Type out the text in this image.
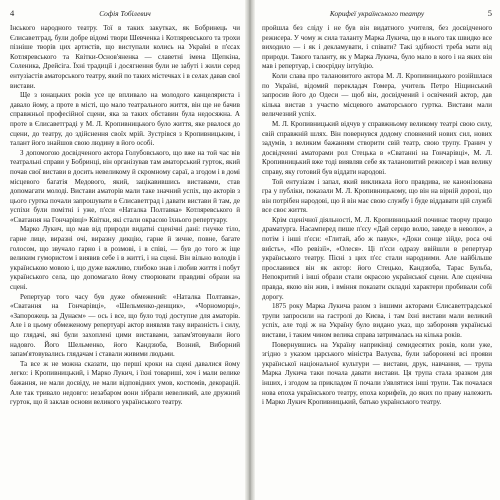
4	Софія Тобілевич

Інського народного театру. Тої в таких закутках, як Бобринець чи Єлисаветград, були добре відомі твори Шевченка і Котляревського та трохи пізніше творів цих артистів, що виступали колись на Україні в п'єсах Котляревського та Квітки-Основ'яненка — славетні імена Щепкіна, Соленика, Дрейсіга. Їхні традиції і досягнення були не забуті і жили серед ентузіастів аматорського театру, який по таких містечках і в селах давав свої вистави.

Ще з юнацьких років усе це впливало на молодого канцеляриста і давало йому, а проте в місті, що мало театрального життя, він ще не бачив справжньої професійної сцени, яка за таких обставин була недосяжна. А проте в Єлисаветграді у М. Л. Кропивницького було життя, яке рвалося до сцени, до театру, до здійснення своїх мрій. Зустрівся з Кропивницьким, і талант його знайшов свою людину в його особі.

З допомогою досвідченого актора Голубовського, що вже на той час вів театральні справи у Бобринці, він організував там аматорський гурток, який почав свої вистави в досить невеликому й скромному сараї, а згодом і в домі місцевого багатія Медового, який, зацікавившись виставами, став допомагати молоді. Вистави аматорів мали таке значний успіх, що акторів з цього гуртка почали запрошувати в Єлисаветград і давати вистави й там, де успіхи були помітні і уже, п'єси «Наталка Полтавка» Котляревського й «Сватання на Гончарівці» Квітки, які стали окрасою їхнього репертуару.

Марко Лукич, що мав від природи видатні сценічні дані: гнучке тіло, гарне лице, виразні очі, виразну дикцію, гарне й зичне, повне, багате голосом, що звучало гарно і в розмові, і в співі, — був до того ж іще великим гумористом і виявив себе і в житті, і на сцені. Він вільно володів і українською мовою і, що дуже важливо, глибоко знав і любив життя і побут українського села, що допомагало йому створювати правдиві образи на сцені.

Репертуар того часу був дуже обмежений: «Наталка Полтавка», «Сватання на Гончарівці», «Шельменко-денщик», «Чорноморці», «Запорожець за Дунаєм» — ось і все, що було тоді доступне для аматорів. Але і в цьому обмеженому репертуарі актор виявляв таку виразність і силу, що глядачі, які були захоплені цими виставами, запам'ятовували його надовго. Його Шельменко, його Кандзюба, Возний, Виборний запам'ятовувались глядачам і ставали живими людьми.

Та все ж не можна сказати, що перші кроки на сцені давалися йому легко: і Кропивницький, і Марко Лукич, і їхні товариші, хоч і мали велике бажання, не мали досвіду, не мали відповідних умов, костюмів, декорацій. Але так тривало недовго: незабаром вони зібрали невеликий, але дружний гурток, що й заклав основи великого українського театру.

Корифеї українського театру	5

пройшла без сліду і не був він видатного учителя, без досвідченого режисера. У чому ж сила таланту Марка Лукича, що в нього так швидко все виходило — і як і декламувати, і співати? Такі здібності треба мати від природи. Такого таланту, як у Марка Лукича, було мало в кого і на яких він мав і репертуар, і своєрідну інтуїцію.

Коли слава про талановитого актора М. Л. Кропивницького розійшлася по Україні, відомий перекладач Гомера, учитель Петро Ніщинський запросив його до Одеси — щоб він, досвідчений і освічений актор, дав кілька вистав з участю місцевого аматорського гуртка. Вистави мали величезний успіх.

М. Л. Кропивницький відчув у справжньому великому театрі свою силу, свій справжній шлях. Він повернувся додому сповнений нових сил, нових задумів, з великим бажанням створити свій театр, свою трупу. Гранич у досвідченні аматорами рол Стецька в «Сватанні на Гончарівці», М. Л. Кропивницький вже тоді виявляв себе як талановитий режисер і мав велику справу, яку готовий був віддати народові.

Той ентузіазм і запал, який викликала його правдива, не канонізована гра у публіки, показали М. Л. Кропивницькому, що він на вірній дорозі, що він потрібен народові, що й він має свою службу і буде віддавати цій службі все своє життя.

Крім сценічної діяльності, М. Л. Кропивницький починає творчу працю драматурга. Насамперед пише п'єсу «Дай серцю волю, заведе в неволю», а потім і інші п'єси: «Глитай, або ж павук», «Доки сонце зійде, роса очі виїсть», «По ревізії», «Олеся». Ці п'єси одразу ввійшли в репертуар українського театру. Пісні з цих п'єс стали народними. Але найбільше прославився він як актор: його Стецько, Кандзюба, Тарас Бульба, Непокритий і інші образи стали окрасою української сцени. Але сценічна правда, якою він жив, і вміння показати складні характери пробивали собі дорогу.

1875 року Марка Лукича разом з іншими акторами Єлисаветградської трупи запросили на гастролі до Києва, і там їхні вистави мали великий успіх, але тоді ж на Україну було видано указ, що забороняв українські вистави, і таким чином велика справа затрималась на кілька років.

Повернувшись на Україну наприкінці семидесятих років, коли уже, згідно з указом царського міністра Валуєва, були заборонені всі прояви української національної культури — вистави, друк, навчання, — трупа Марка Лукича таки почала давати вистави. Ця трупа стала зразком для інших, і згодом за прикладом її почали з'являтися інші трупи. Так почалася нова епоха українського театру, епоха корифеїв, до яких по праву належить і Марко Лукич Кропивницький, батько українського театру.
